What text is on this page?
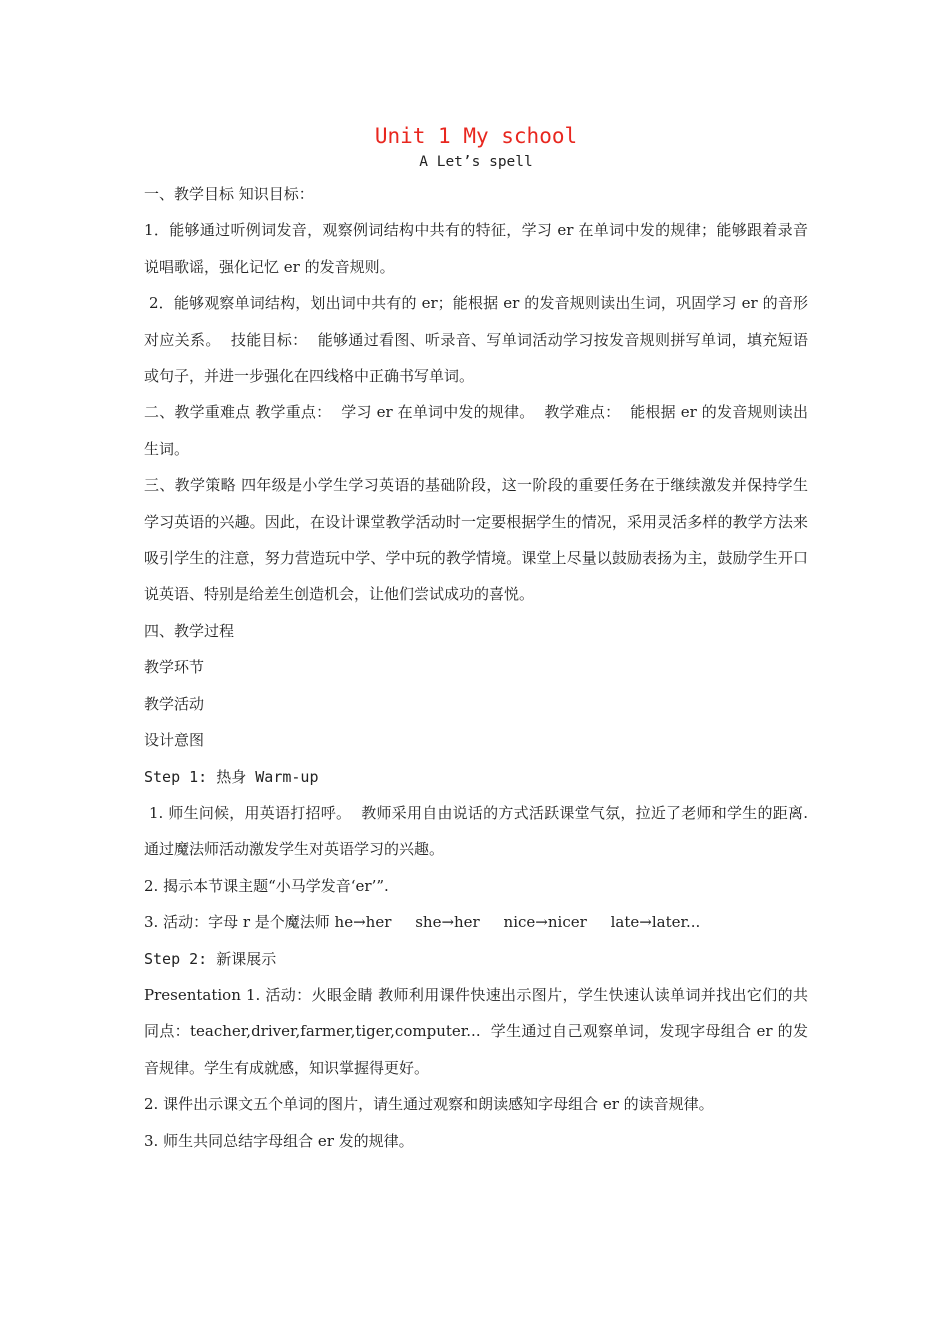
Unit 1 My school
A Let’s spell

一、教学目标 知识目标：

1．能够通过听例词发音，观察例词结构中共有的特征，学习 er 在单词中发的规律；能够跟着录音说唱歌谣，强化记忆 er 的发音规则。

2．能够观察单词结构，划出词中共有的 er；能根据 er 的发音规则读出生词，巩固学习 er 的音形对应关系。  技能目标：  能够通过看图、听录音、写单词活动学习按发音规则拼写单词，填充短语或句子，并进一步强化在四线格中正确书写单词。

二、教学重难点 教学重点：  学习 er 在单词中发的规律。  教学难点：  能根据 er 的发音规则读出生词。

三、教学策略 四年级是小学生学习英语的基础阶段，这一阶段的重要任务在于继续激发并保持学生学习英语的兴趣。因此，在设计课堂教学活动时一定要根据学生的情况，采用灵活多样的教学方法来吸引学生的注意，努力营造玩中学、学中玩的教学情境。课堂上尽量以鼓励表扬为主，鼓励学生开口说英语、特别是给差生创造机会，让他们尝试成功的喜悦。

四、教学过程

教学环节

教学活动

设计意图

Step 1: 热身 Warm-up

1. 师生问候，用英语打招呼。  教师采用自由说话的方式活跃课堂气氛，拉近了老师和学生的距离.通过魔法师活动激发学生对英语学习的兴趣。

2. 揭示本节课主题“小马学发音‘er’”.

3. 活动：字母 r 是个魔法师 he→her     she→her     nice→nicer     late→later...

Step 2: 新课展示

Presentation 1. 活动：火眼金睛 教师利用课件快速出示图片，学生快速认读单词并找出它们的共同点：teacher,driver,farmer,tiger,computer...  学生通过自己观察单词，发现字母组合 er 的发音规律。学生有成就感，知识掌握得更好。

2. 课件出示课文五个单词的图片，请生通过观察和朗读感知字母组合 er 的读音规律。

3. 师生共同总结字母组合 er 发的规律。
